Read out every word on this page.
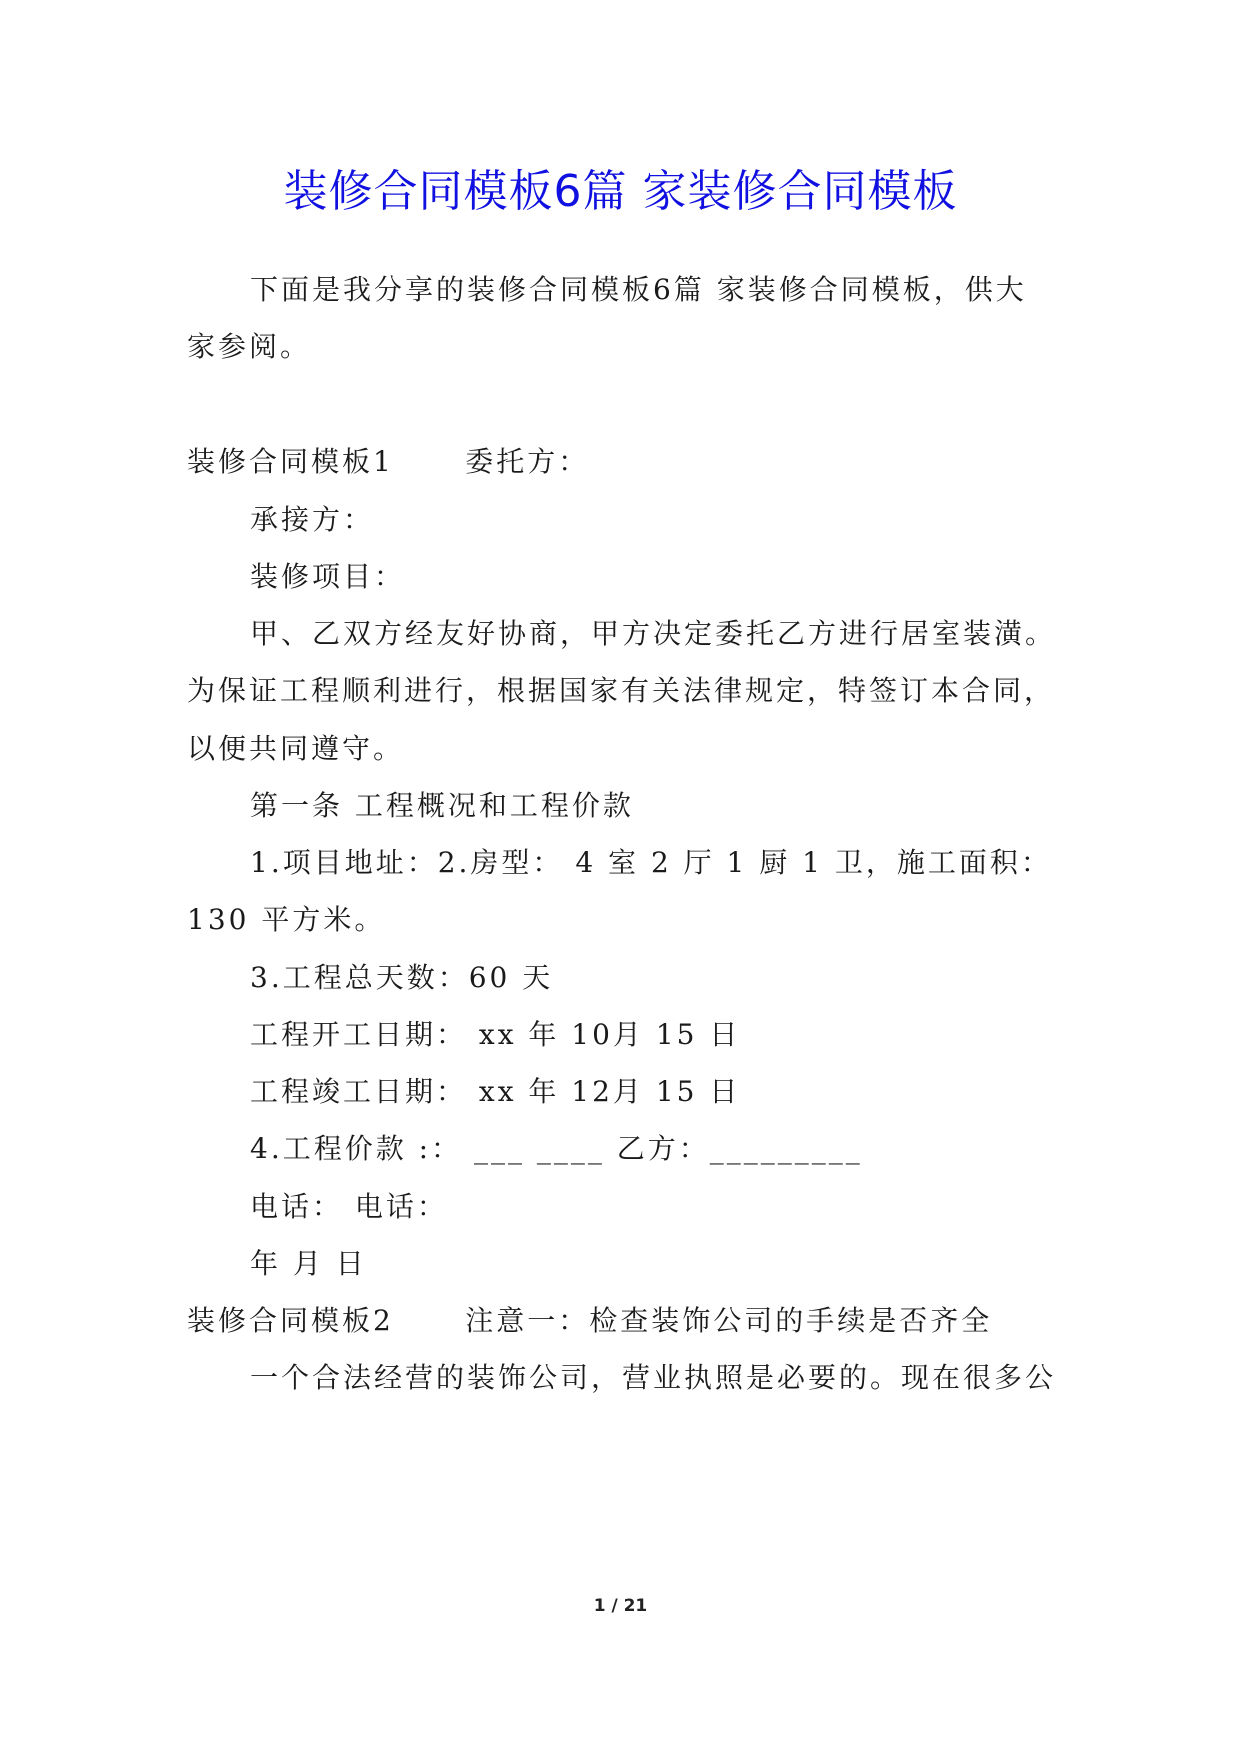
装修合同模板6篇 家装修合同模板
下面是我分享的装修合同模板6篇 家装修合同模板，供大
家参阅。
装修合同模板1      委托方：
承接方：
装修项目：
甲、乙双方经友好协商，甲方决定委托乙方进行居室装潢。
为保证工程顺利进行，根据国家有关法律规定，特签订本合同，
以便共同遵守。
第一条 工程概况和工程价款
1.项目地址：2.房型： 4 室 2 厅 1 厨 1 卫，施工面积：
130 平方米。
3.工程总天数：60 天
工程开工日期： xx 年 10月 15 日
工程竣工日期： xx 年 12月 15 日
4.工程价款 :： ___ ____ 乙方：_________
电话： 电话：
年 月 日
装修合同模板2      注意一：检查装饰公司的手续是否齐全
一个合法经营的装饰公司，营业执照是必要的。现在很多公
1 / 21
